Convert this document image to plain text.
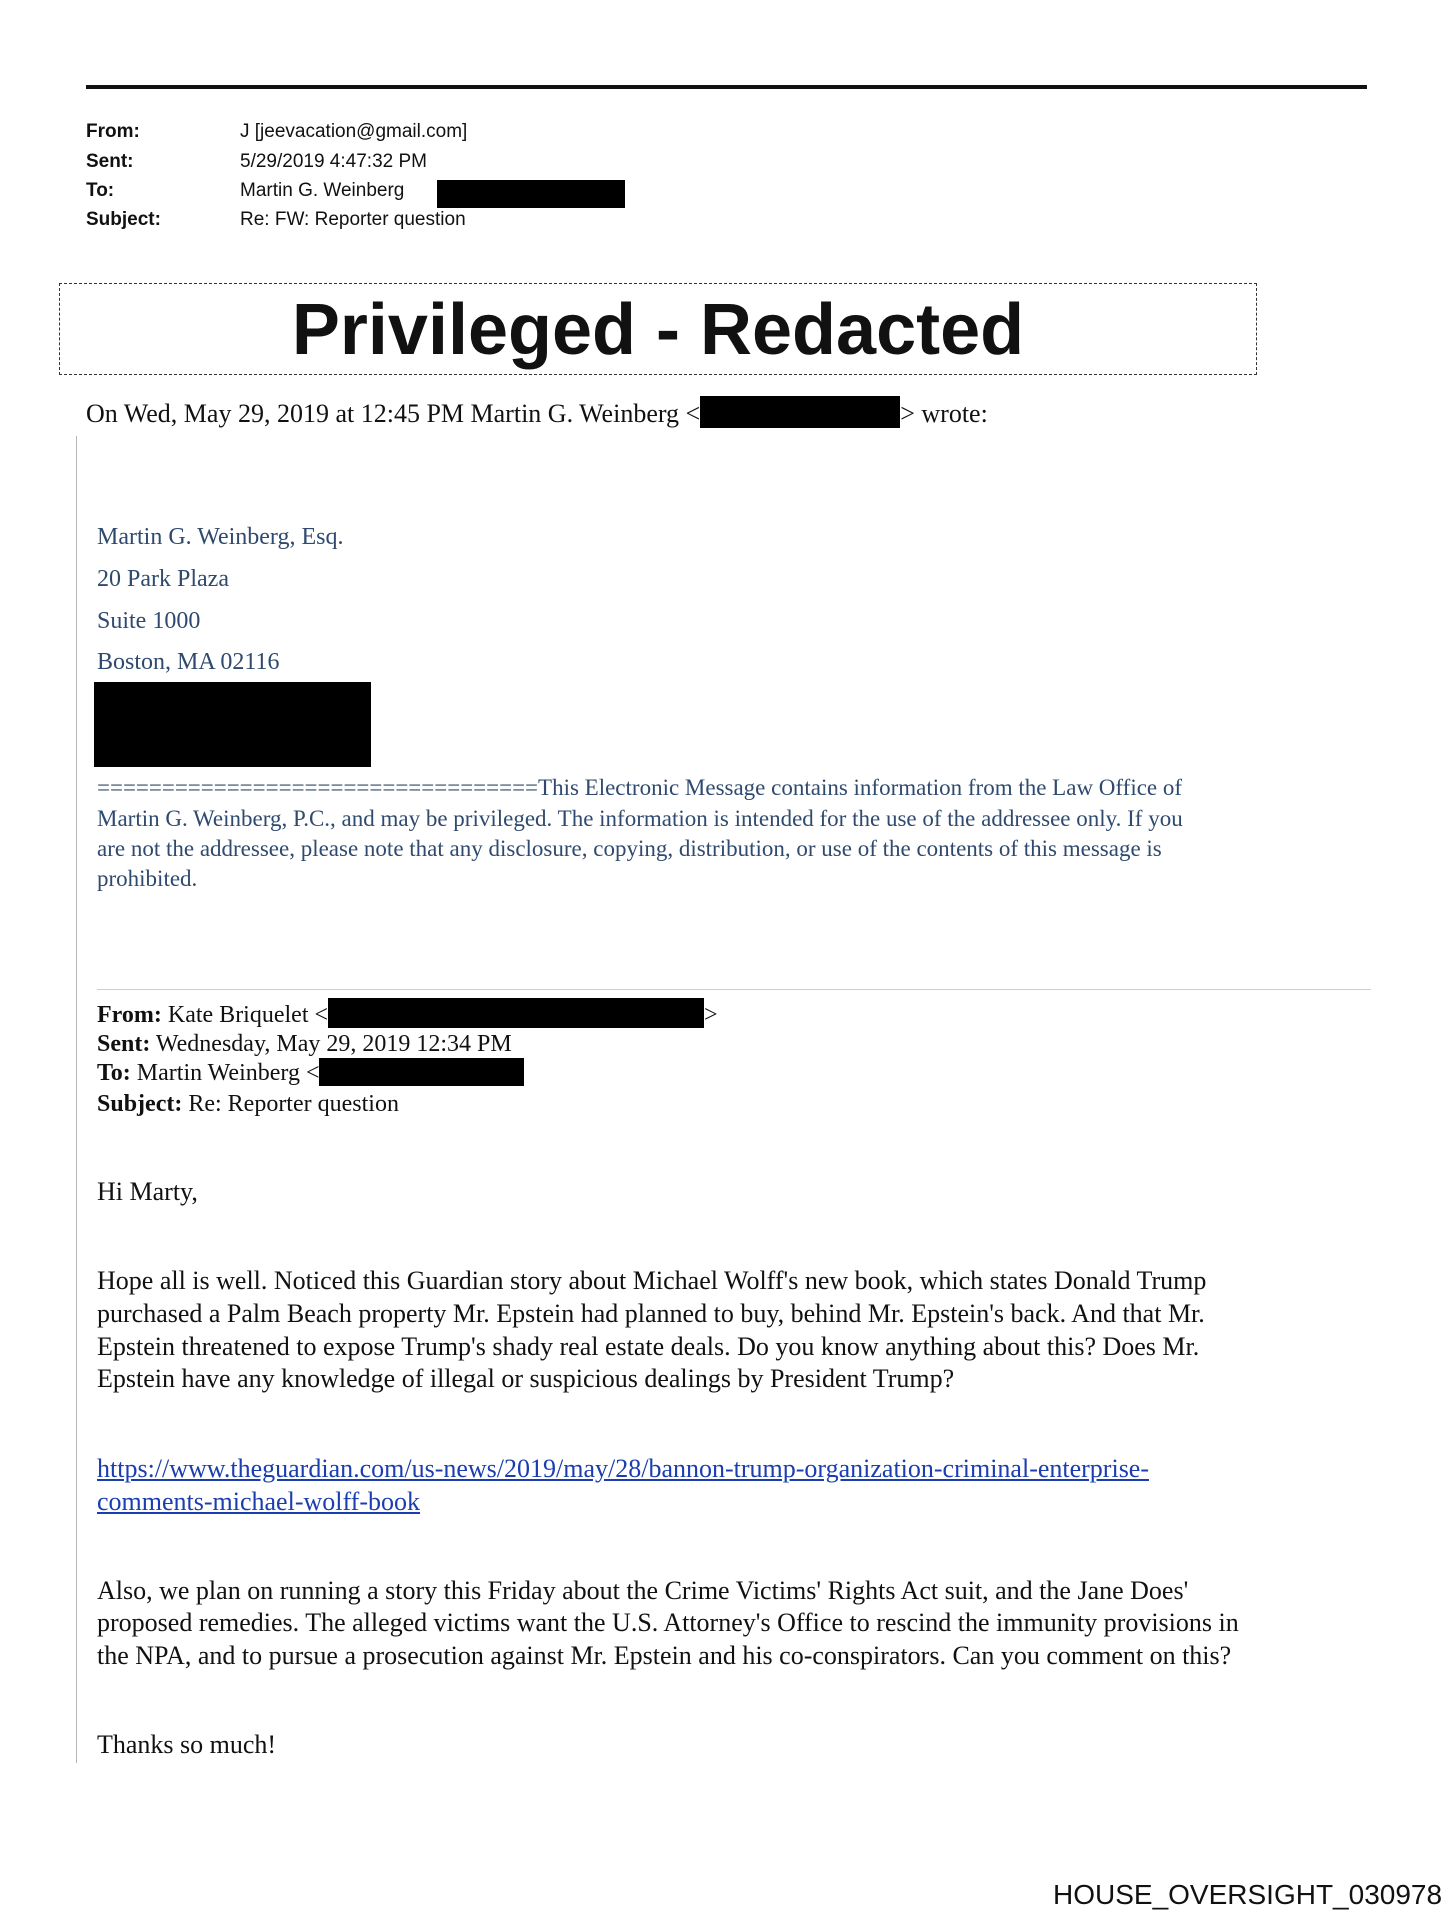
From:	J [jeevacation@gmail.com]
Sent:	5/29/2019 4:47:32 PM
To:	Martin G. Weinberg
Subject:	Re: FW: Reporter question
Privileged - Redacted
On Wed, May 29, 2019 at 12:45 PM Martin G. Weinberg <	> wrote:
Martin G. Weinberg, Esq.
20 Park Plaza
Suite 1000
Boston, MA 02116
==================================This Electronic Message contains information from the Law Office of
Martin G. Weinberg, P.C., and may be privileged. The information is intended for the use of the addressee only. If you
are not the addressee, please note that any disclosure, copying, distribution, or use of the contents of this message is
prohibited.
From: Kate Briquelet <	>
Sent: Wednesday, May 29, 2019 12:34 PM
To: Martin Weinberg <
Subject: Re: Reporter question
Hi Marty,
Hope all is well. Noticed this Guardian story about Michael Wolff's new book, which states Donald Trump
purchased a Palm Beach property Mr. Epstein had planned to buy, behind Mr. Epstein's back. And that Mr.
Epstein threatened to expose Trump's shady real estate deals. Do you know anything about this? Does Mr.
Epstein have any knowledge of illegal or suspicious dealings by President Trump?
https://www.theguardian.com/us-news/2019/may/28/bannon-trump-organization-criminal-enterprise-
comments-michael-wolff-book
Also, we plan on running a story this Friday about the Crime Victims' Rights Act suit, and the Jane Does'
proposed remedies. The alleged victims want the U.S. Attorney's Office to rescind the immunity provisions in
the NPA, and to pursue a prosecution against Mr. Epstein and his co-conspirators. Can you comment on this?
Thanks so much!
HOUSE_OVERSIGHT_030978
